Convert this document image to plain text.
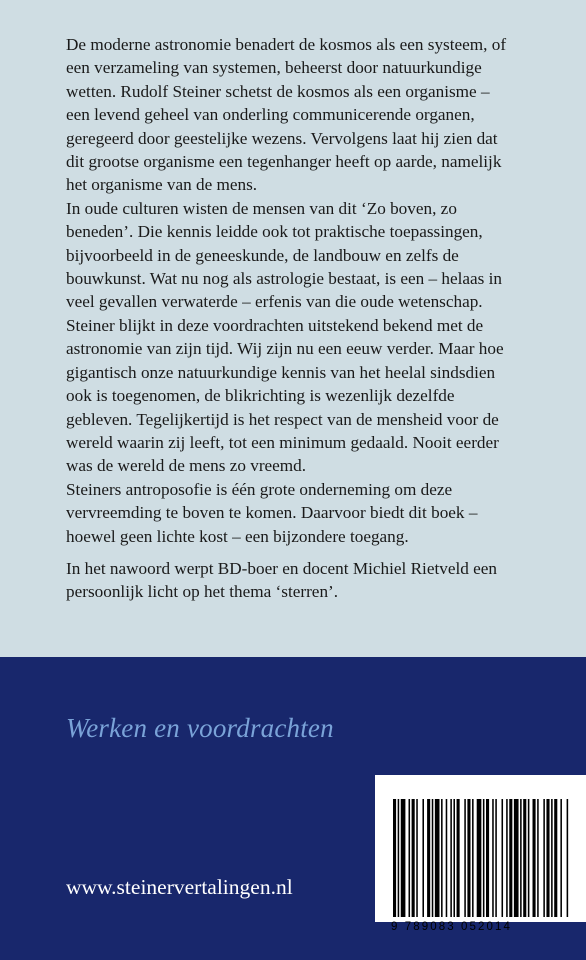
De moderne astronomie benadert de kosmos als een systeem, of
een verzameling van systemen, beheerst door natuurkundige
wetten. Rudolf Steiner schetst de kosmos als een organisme –
een levend geheel van onderling communicerende organen,
geregeerd door geestelijke wezens. Vervolgens laat hij zien dat
dit grootse organisme een tegenhanger heeft op aarde, namelijk
het organisme van de mens.

In oude culturen wisten de mensen van dit ‘Zo boven, zo
beneden’. Die kennis leidde ook tot praktische toepassingen,
bijvoorbeeld in de geneeskunde, de landbouw en zelfs de
bouwkunst. Wat nu nog als astrologie bestaat, is een – helaas in
veel gevallen verwaterde – erfenis van die oude wetenschap.

Steiner blijkt in deze voordrachten uitstekend bekend met de
astronomie van zijn tijd. Wij zijn nu een eeuw verder. Maar hoe
gigantisch onze natuurkundige kennis van het heelal sindsdien
ook is toegenomen, de blikrichting is wezenlijk dezelfde
gebleven. Tegelijkertijd is het respect van de mensheid voor de
wereld waarin zij leeft, tot een minimum gedaald. Nooit eerder
was de wereld de mens zo vreemd.

Steiners antroposofie is één grote onderneming om deze
vervreemding te boven te komen. Daarvoor biedt dit boek –
hoewel geen lichte kost – een bijzondere toegang.

In het nawoord werpt BD-boer en docent Michiel Rietveld een
persoonlijk licht op het thema ‘sterren’.

Werken en voordrachten
www.steinervertalingen.nl
9 789083 052014
